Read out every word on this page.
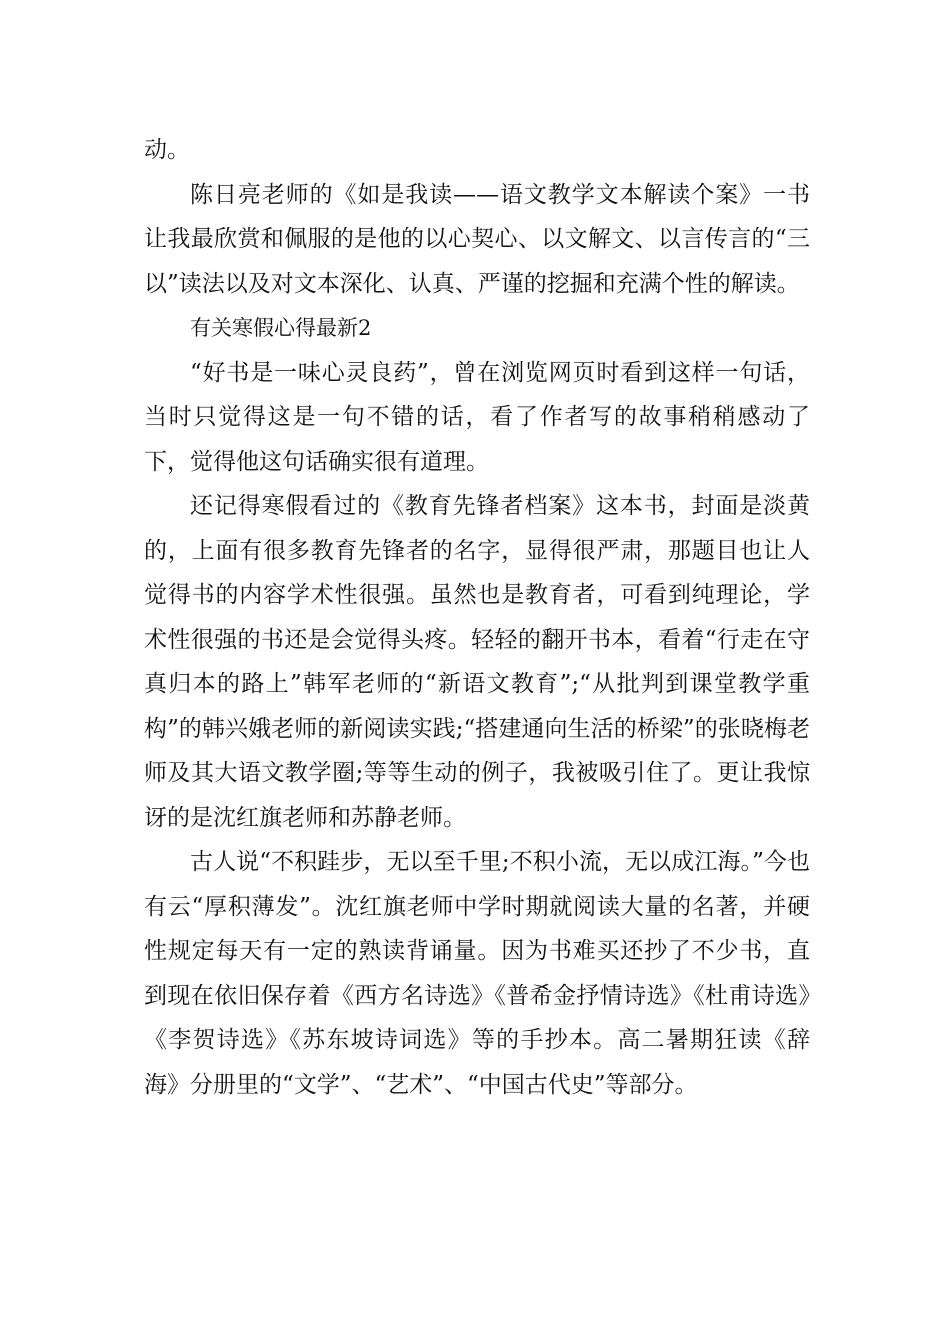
动。

陈日亮老师的《如是我读——语文教学文本解读个案》一书让我最欣赏和佩服的是他的以心契心、以文解文、以言传言的“三以”读法以及对文本深化、认真、严谨的挖掘和充满个性的解读。

有关寒假心得最新2

“好书是一味心灵良药”，曾在浏览网页时看到这样一句话，当时只觉得这是一句不错的话，看了作者写的故事稍稍感动了下，觉得他这句话确实很有道理。

还记得寒假看过的《教育先锋者档案》这本书，封面是淡黄的，上面有很多教育先锋者的名字，显得很严肃，那题目也让人觉得书的内容学术性很强。虽然也是教育者，可看到纯理论，学术性很强的书还是会觉得头疼。轻轻的翻开书本，看着“行走在守真归本的路上”韩军老师的“新语文教育”;“从批判到课堂教学重构”的韩兴娥老师的新阅读实践;“搭建通向生活的桥梁”的张晓梅老师及其大语文教学圈;等等生动的例子，我被吸引住了。更让我惊讶的是沈红旗老师和苏静老师。

古人说“不积跬步，无以至千里;不积小流，无以成江海。”今也有云“厚积薄发”。沈红旗老师中学时期就阅读大量的名著，并硬性规定每天有一定的熟读背诵量。因为书难买还抄了不少书，直到现在依旧保存着《西方名诗选》《普希金抒情诗选》《杜甫诗选》《李贺诗选》《苏东坡诗词选》等的手抄本。高二暑期狂读《辞海》分册里的“文学”、“艺术”、“中国古代史”等部分。
